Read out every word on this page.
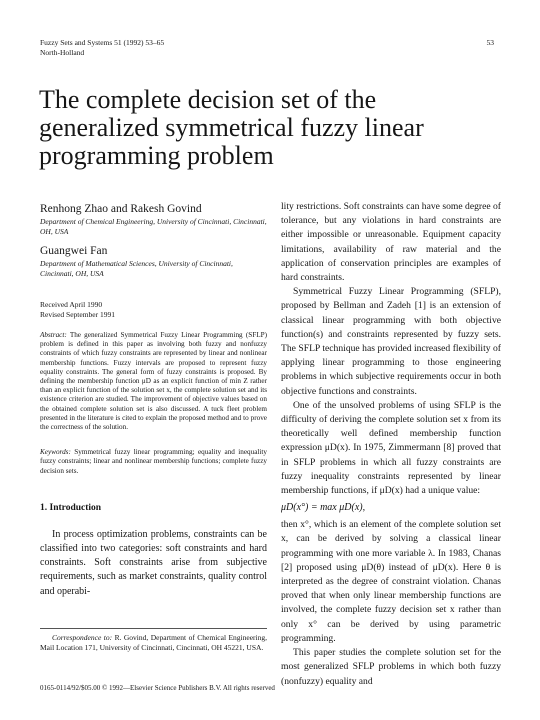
Fuzzy Sets and Systems 51 (1992) 53–65
North-Holland
53
The complete decision set of the generalized symmetrical fuzzy linear programming problem
Renhong Zhao and Rakesh Govind
Department of Chemical Engineering, University of Cincinnati, Cincinnati, OH, USA
Guangwei Fan
Department of Mathematical Sciences, University of Cincinnati, Cincinnati, OH, USA
Received April 1990
Revised September 1991

Abstract: The generalized Symmetrical Fuzzy Linear Programming (SFLP) problem is defined in this paper as involving both fuzzy and nonfuzzy constraints of which fuzzy constraints are represented by linear and nonlinear membership functions. Fuzzy intervals are proposed to represent fuzzy equality constraints. The general form of fuzzy constraints is proposed. By defining the membership function μD as an explicit function of min Z rather than an explicit function of the solution set x, the complete solution set and its existence criterion are studied. The improvement of objective values based on the obtained complete solution set is also discussed. A tuck fleet problem presented in the literature is cited to explain the proposed method and to prove the correctness of the solution.

Keywords: Symmetrical fuzzy linear programming; equality and inequality fuzzy constraints; linear and nonlinear membership functions; complete fuzzy decision sets.

1. Introduction

In process optimization problems, constraints can be classified into two categories: soft constraints and hard constraints. Soft constraints arise from subjective requirements, such as market constraints, quality control and operabi-

Correspondence to: R. Govind, Department of Chemical Engineering, Mail Location 171, University of Cincinnati, Cincinnati, OH 45221, USA.

lity restrictions. Soft constraints can have some degree of tolerance, but any violations in hard constraints are either impossible or unreasonable. Equipment capacity limitations, availability of raw material and the application of conservation principles are examples of hard constraints.

Symmetrical Fuzzy Linear Programming (SFLP), proposed by Bellman and Zadeh [1] is an extension of classical linear programming with both objective function(s) and constraints represented by fuzzy sets. The SFLP technique has provided increased flexibility of applying linear programming to those engineering problems in which subjective requirements occur in both objective functions and constraints.

One of the unsolved problems of using SFLP is the difficulty of deriving the complete solution set x from its theoretically well defined membership function expression μD(x). In 1975, Zimmermann [8] proved that in SFLP problems in which all fuzzy constraints are fuzzy inequality constraints represented by linear membership functions, if μD(x) had a unique value:

μD(x°) = max μD(x),

then x°, which is an element of the complete solution set x, can be derived by solving a classical linear programming with one more variable λ. In 1983, Chanas [2] proposed using μD(θ) instead of μD(x). Here θ is interpreted as the degree of constraint violation. Chanas proved that when only linear membership functions are involved, the complete fuzzy decision set x rather than only x° can be derived by using parametric programming.

This paper studies the complete solution set for the most generalized SFLP problems in which both fuzzy (nonfuzzy) equality and

0165-0114/92/$05.00 © 1992—Elsevier Science Publishers B.V. All rights reserved
